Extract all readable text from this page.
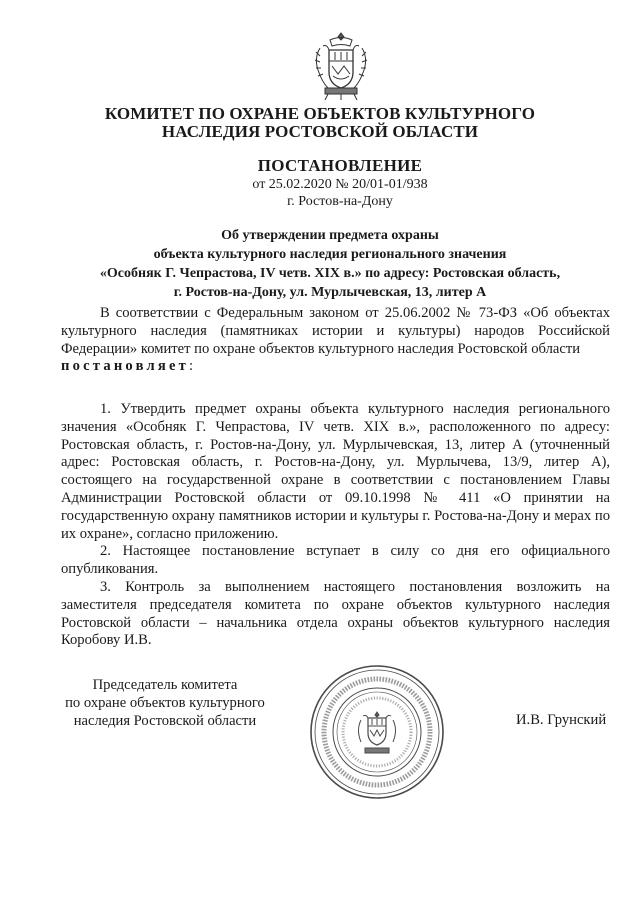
КОМИТЕТ ПО ОХРАНЕ ОБЪЕКТОВ КУЛЬТУРНОГО
НАСЛЕДИЯ РОСТОВСКОЙ ОБЛАСТИ
ПОСТАНОВЛЕНИЕ
от 25.02.2020 № 20/01-01/938
г. Ростов-на-Дону
Об утверждении предмета охраны
объекта культурного наследия регионального значения
«Особняк Г. Чепрастова, IV четв. XIX в.» по адресу: Ростовская область,
г. Ростов-на-Дону, ул. Мурлычевская, 13, литер А

В соответствии с Федеральным законом от 25.06.2002 № 73-ФЗ «Об объектах культурного наследия (памятниках истории и культуры) народов Российской Федерации» комитет по охране объектов культурного наследия Ростовской области
постановляет:

1. Утвердить предмет охраны объекта культурного наследия регионального значения «Особняк Г. Чепрастова, IV четв. XIX в.», расположенного по адресу: Ростовская область, г. Ростов-на-Дону, ул. Мурлычевская, 13, литер А (уточненный адрес: Ростовская область, г. Ростов-на-Дону, ул. Мурлычева, 13/9, литер А), состоящего на государственной охране в соответствии с постановлением Главы Администрации Ростовской области от 09.10.1998 № 411 «О принятии на государственную охрану памятников истории и культуры г. Ростова-на-Дону и мерах по их охране», согласно приложению.

2. Настоящее постановление вступает в силу со дня его официального опубликования.

3. Контроль за выполнением настоящего постановления возложить на заместителя председателя комитета по охране объектов культурного наследия Ростовской области – начальника отдела охраны объектов культурного наследия Коробову И.В.

Председатель комитета
по охране объектов культурного
наследия Ростовской области	И.В. Грунский
